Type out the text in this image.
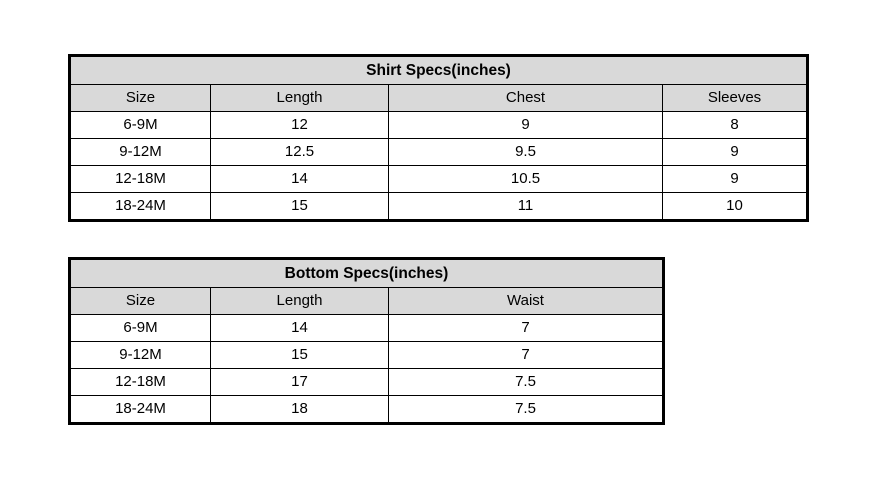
Shirt Specs(inches)			
Size	Length	Chest	Sleeves
6-9M	12	9	8
9-12M	12.5	9.5	9
12-18M	14	10.5	9
18-24M	15	11	10
Bottom Specs(inches)		
Size	Length	Waist
6-9M	14	7
9-12M	15	7
12-18M	17	7.5
18-24M	18	7.5
